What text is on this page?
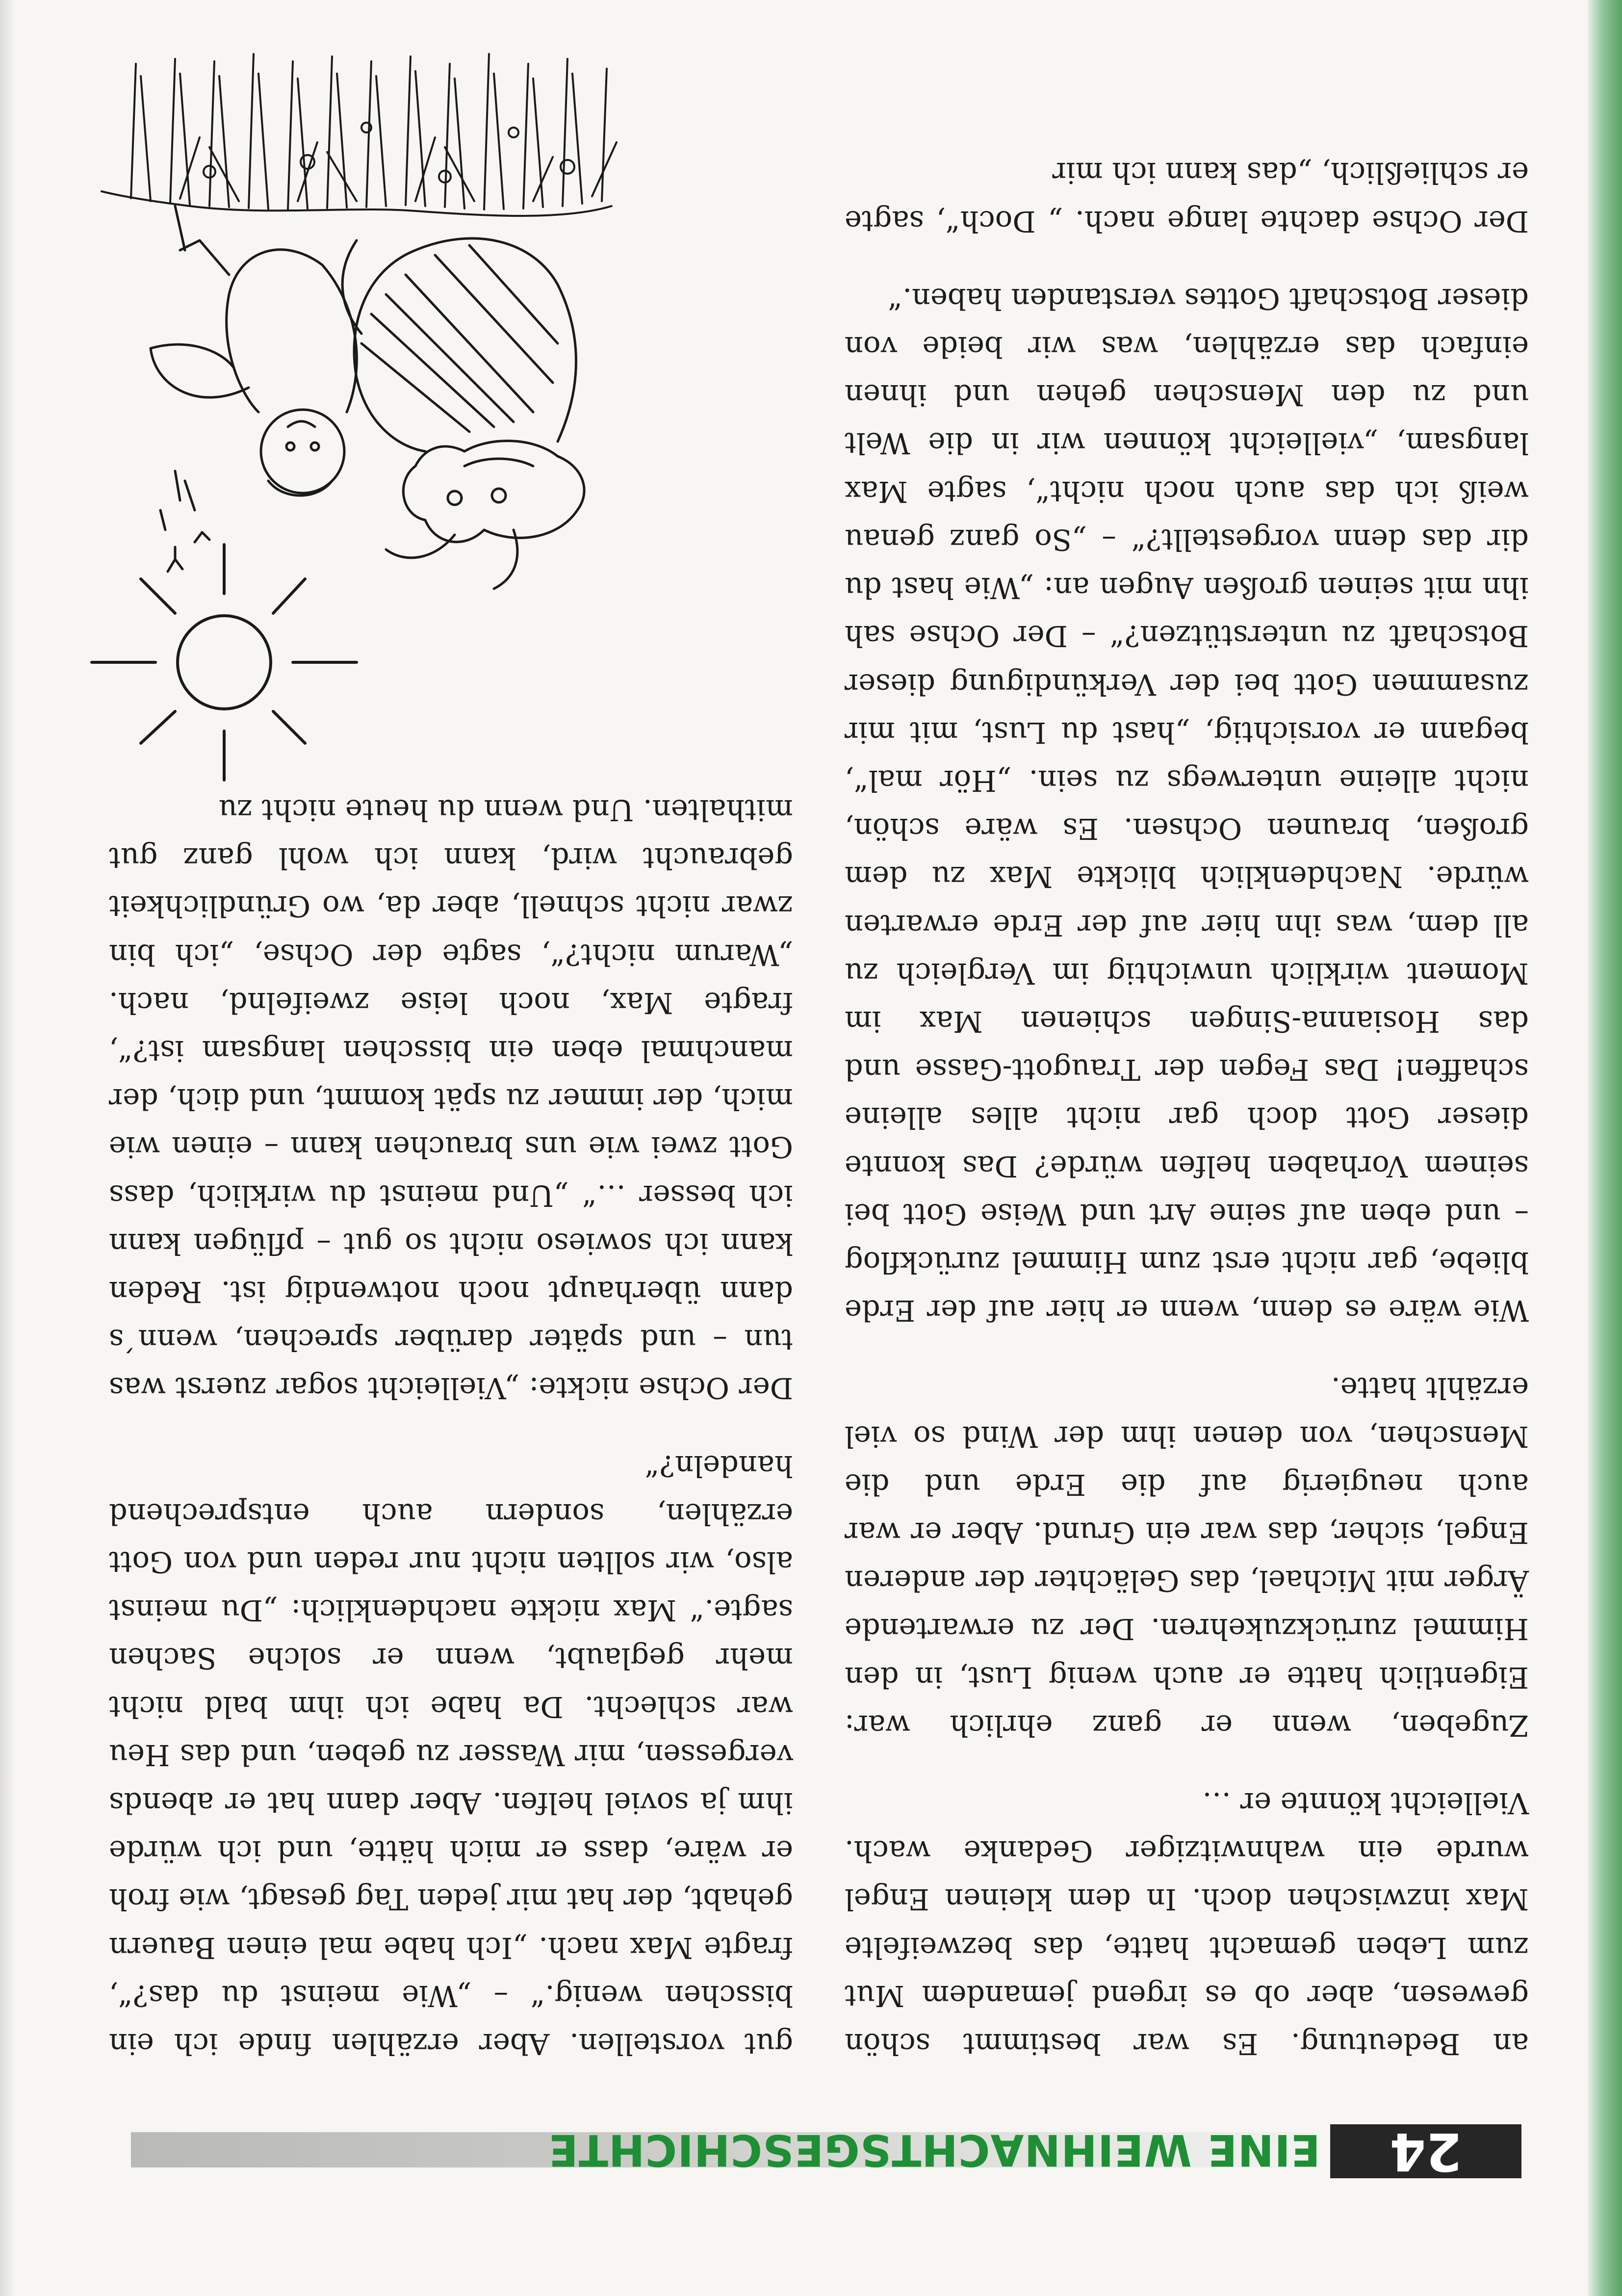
24
EINE WEIHNACHTSGESCHICHTE

an Bedeutung. Es war bestimmt schön gewesen, aber ob es irgend jemandem Mut zum Leben gemacht hatte, das bezweifelte Max inzwischen doch. In dem kleinen Engel wurde ein wahnwitziger Gedanke wach. Vielleicht könnte er …

Zugeben, wenn er ganz ehrlich war: Eigentlich hatte er auch wenig Lust, in den Himmel zurückzukehren. Der zu erwartende Ärger mit Michael, das Gelächter der anderen Engel, sicher, das war ein Grund. Aber er war auch neugierig auf die Erde und die Menschen, von denen ihm der Wind so viel erzählt hatte.

Wie wäre es denn, wenn er hier auf der Erde bliebe, gar nicht erst zum Himmel zurückflog – und eben auf seine Art und Weise Gott bei seinem Vorhaben helfen würde? Das konnte dieser Gott doch gar nicht alles alleine schaffen! Das Fegen der Traugott-Gasse und das Hosianna-Singen schienen Max im Moment wirklich unwichtig im Vergleich zu all dem, was ihn hier auf der Erde erwarten würde. Nachdenklich blickte Max zu dem großen, braunen Ochsen. Es wäre schön, nicht alleine unterwegs zu sein. „Hör mal“, begann er vorsichtig, „hast du Lust, mit mir zusammen Gott bei der Verkündigung dieser Botschaft zu unterstützen?“ – Der Ochse sah ihn mit seinen großen Augen an: „Wie hast du dir das denn vorgestellt?“ – „So ganz genau weiß ich das auch noch nicht“, sagte Max langsam, „vielleicht können wir in die Welt und zu den Menschen gehen und ihnen einfach das erzählen, was wir beide von dieser Botschaft Gottes verstanden haben.“

Der Ochse dachte lange nach. „ Doch“, sagte er schließlich, „das kann ich mir

gut vorstellen. Aber erzählen finde ich ein bisschen wenig.“ – „Wie meinst du das?“, fragte Max nach. „Ich habe mal einen Bauern gehabt, der hat mir jeden Tag gesagt, wie froh er wäre, dass er mich hätte, und ich würde ihm ja soviel helfen. Aber dann hat er abends vergessen, mir Wasser zu geben, und das Heu war schlecht. Da habe ich ihm bald nicht mehr geglaubt, wenn er solche Sachen sagte.“ Max nickte nachdenklich: „Du meinst also, wir sollten nicht nur reden und von Gott erzählen, sondern auch entsprechend handeln?“

Der Ochse nickte: „Vielleicht sogar zuerst was tun – und später darüber sprechen, wenn´s dann überhaupt noch notwendig ist. Reden kann ich sowieso nicht so gut – pflügen kann ich besser …“ „Und meinst du wirklich, dass Gott zwei wie uns brauchen kann – einen wie mich, der immer zu spät kommt, und dich, der manchmal eben ein bisschen langsam ist?“, fragte Max, noch leise zweifelnd, nach. „Warum nicht?“, sagte der Ochse, „ich bin zwar nicht schnell, aber da, wo Gründlichkeit gebraucht wird, kann ich wohl ganz gut mithalten. Und wenn du heute nicht zu
